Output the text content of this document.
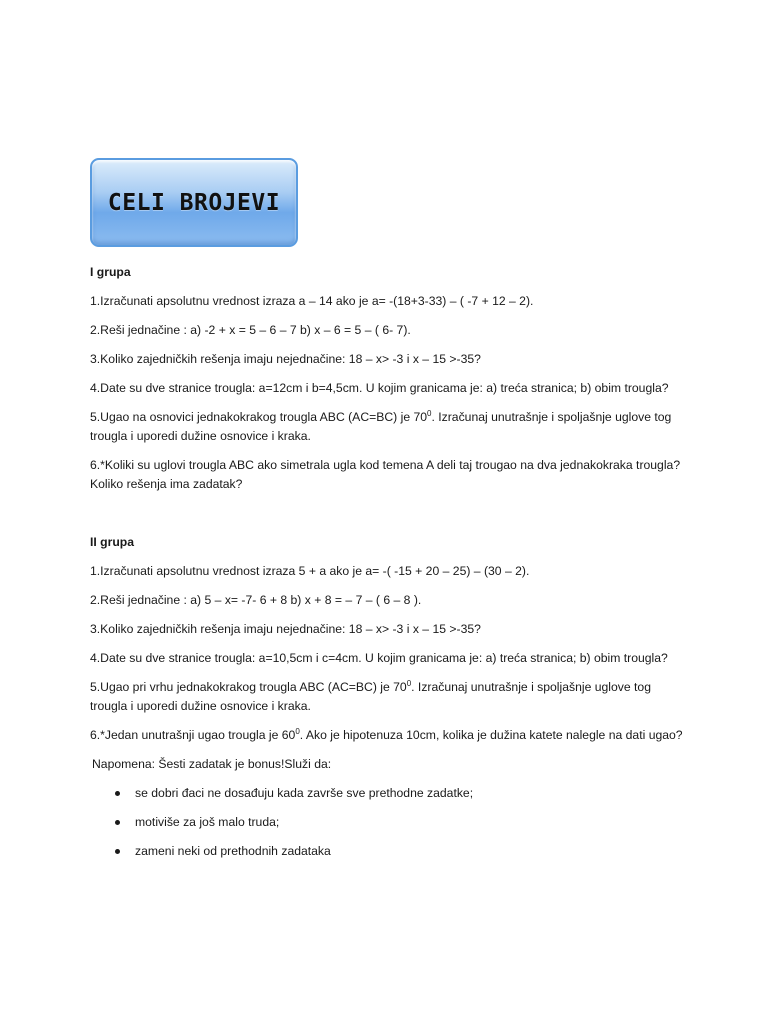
CELI BROJEVI
I grupa
1.Izračunati apsolutnu vrednost izraza a – 14 ako je a= -(18+3-33) – ( -7 + 12 – 2).
2.Reši jednačine : a) -2 + x = 5 – 6 – 7 b) x – 6 = 5 – ( 6- 7).
3.Koliko zajedničkih rešenja imaju nejednačine: 18 – x> -3 i x – 15 >-35?
4.Date su dve stranice trougla: a=12cm i b=4,5cm. U kojim granicama je: a) treća stranica; b) obim trougla?
5.Ugao na osnovici jednakokrakog trougla ABC (AC=BC) je $70^0$. Izračunaj unutrašnje i spoljašnje uglove tog trougla i uporedi dužine osnovice i kraka.
6.*Koliki su uglovi trougla ABC ako simetrala ugla kod temena A deli taj trougao na dva jednakokraka trougla? Koliko rešenja ima zadatak?
II grupa
1.Izračunati apsolutnu vrednost izraza 5 + a ako je a= -( -15 + 20 – 25) – (30 – 2).
2.Reši jednačine : a) 5 – x= -7- 6 + 8 b) x + 8 = – 7 – ( 6 – 8 ).
3.Koliko zajedničkih rešenja imaju nejednačine: 18 – x> -3 i x – 15 >-35?
4.Date su dve stranice trougla: a=10,5cm i c=4cm. U kojim granicama je: a) treća stranica; b) obim trougla?
5.Ugao pri vrhu jednakokrakog trougla ABC (AC=BC) je $70^0$. Izračunaj unutrašnje i spoljašnje uglove tog trougla i uporedi dužine osnovice i kraka.
6.*Jedan unutrašnji ugao trougla je $60^0$. Ako je hipotenuza 10cm, kolika je dužina katete nalegle na dati ugao?
Napomena: Šesti zadatak je bonus!Služi da:
se dobri đaci ne dosađuju kada završe sve prethodne zadatke;
motiviše za još malo truda;
zameni neki od prethodnih zadataka
